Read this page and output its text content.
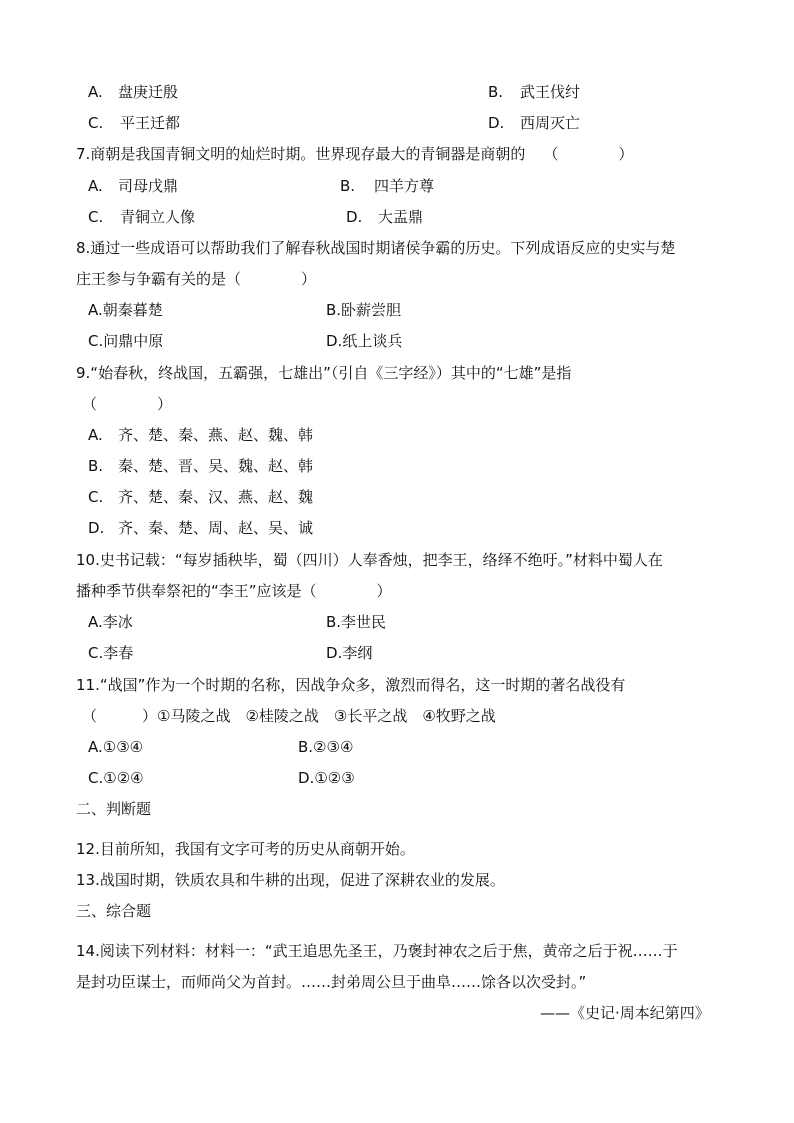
A. 盘庚迁殷	B. 武王伐纣
C. 平王迁都	D. 西周灭亡
7.商朝是我国青铜文明的灿烂时期。世界现存最大的青铜器是商朝的 （　　　　）
A. 司母戊鼎	B. 四羊方尊
C. 青铜立人像	D. 大盂鼎
8.通过一些成语可以帮助我们了解春秋战国时期诸侯争霸的历史。下列成语反应的史实与楚
庄王参与争霸有关的是（　　　　）
A.朝秦暮楚	B.卧薪尝胆
C.问鼎中原	D.纸上谈兵
9.“始春秋，终战国，五霸强，七雄出”（引自《三字经》）其中的“七雄”是指
（　　　　）
A. 齐、楚、秦、燕、赵、魏、韩
B. 秦、楚、晋、吴、魏、赵、韩
C. 齐、楚、秦、汉、燕、赵、魏
D. 齐、秦、楚、周、赵、吴、诚
10.史书记载：“每岁插秧毕，蜀（四川）人奉香烛，把李王，络绎不绝吁。”材料中蜀人在
播种季节供奉祭祀的“李王”应该是（　　　　）
A.李冰	B.李世民
C.李春	D.李纲
11.“战国”作为一个时期的名称，因战争众多，激烈而得名，这一时期的著名战役有
（　　　）①马陵之战　②桂陵之战　③长平之战　④牧野之战
A.①③④	B.②③④
C.①②④	D.①②③
二、判断题
12.目前所知，我国有文字可考的历史从商朝开始。
13.战国时期，铁质农具和牛耕的出现，促进了深耕农业的发展。
三、综合题
14.阅读下列材料：材料一：“武王追思先圣王，乃褒封神农之后于焦，黄帝之后于祝……于
是封功臣谋士，而师尚父为首封。……封弟周公旦于曲阜……馀各以次受封。”
——《史记·周本纪第四》
